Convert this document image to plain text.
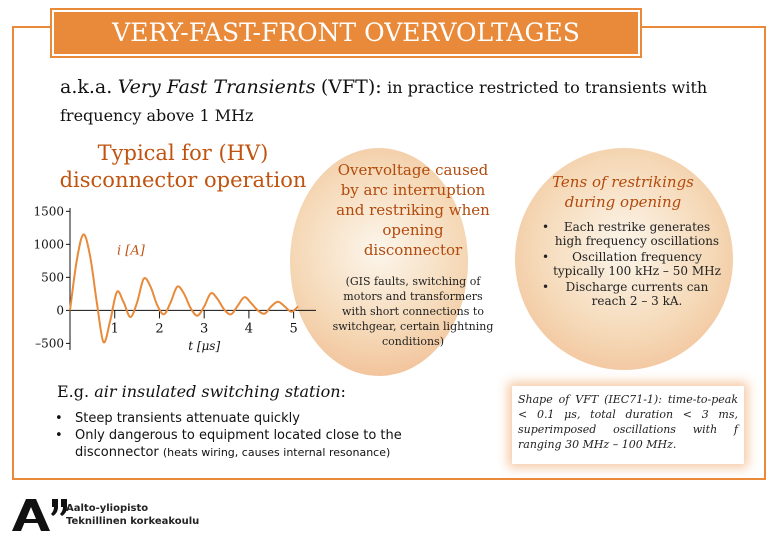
VERY-FAST-FRONT OVERVOLTAGES
a.k.a. Very Fast Transients (VFT): in practice restricted to transients with
frequency above 1 MHz
Typical for (HV)
disconnector operation
1500
1000
500
0
–500
1	2	3	4	5
i [A]
t [μs]
Overvoltage caused by arc interruption and restriking when opening disconnector
(GIS faults, switching of motors and transformers with short connections to switchgear, certain lightning conditions)
Tens of restrikings during opening
• Each restrike generates high frequency oscillations
• Oscillation frequency typically 100 kHz – 50 MHz
• Discharge currents can reach 2 – 3 kA.
E.g. air insulated switching station:
• Steep transients attenuate quickly
• Only dangerous to equipment located close to the disconnector (heats wiring, causes internal resonance)
Shape of VFT (IEC71-1): time-to-peak < 0.1 μs, total duration < 3 ms, superimposed oscillations with f ranging 30 MHz – 100 MHz.
Aalto-yliopisto
Teknillinen korkeakoulu
